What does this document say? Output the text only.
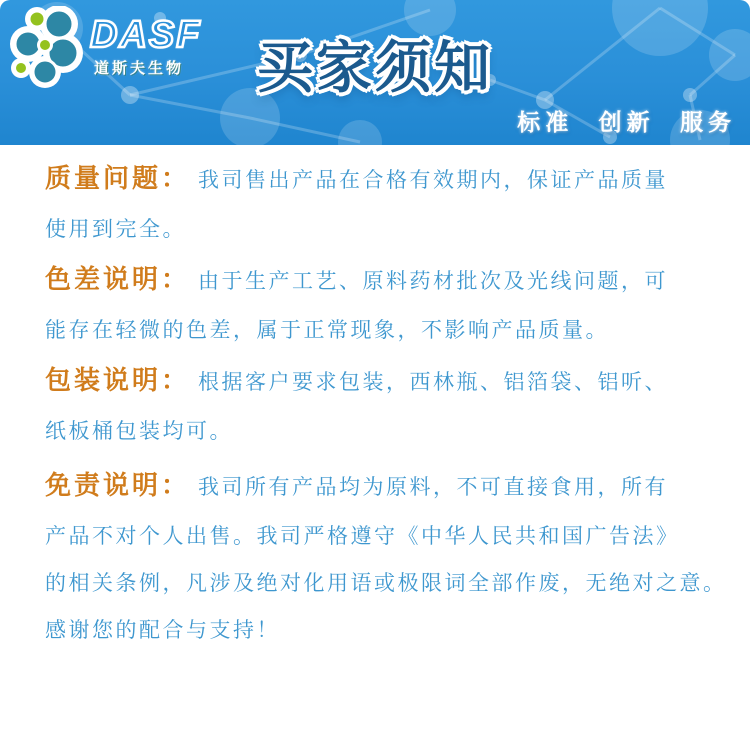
DASF
道斯夫生物	买家须知
标准 创新 服务
质量问题： 我司售出产品在合格有效期内，保证产品质量
使用到完全。
色差说明： 由于生产工艺、原料药材批次及光线问题，可
能存在轻微的色差，属于正常现象，不影响产品质量。
包装说明： 根据客户要求包装，西林瓶、铝箔袋、铝听、
纸板桶包装均可。
免责说明： 我司所有产品均为原料，不可直接食用，所有
产品不对个人出售。我司严格遵守《中华人民共和国广告法》
的相关条例，凡涉及绝对化用语或极限词全部作废，无绝对之意。
感谢您的配合与支持！
